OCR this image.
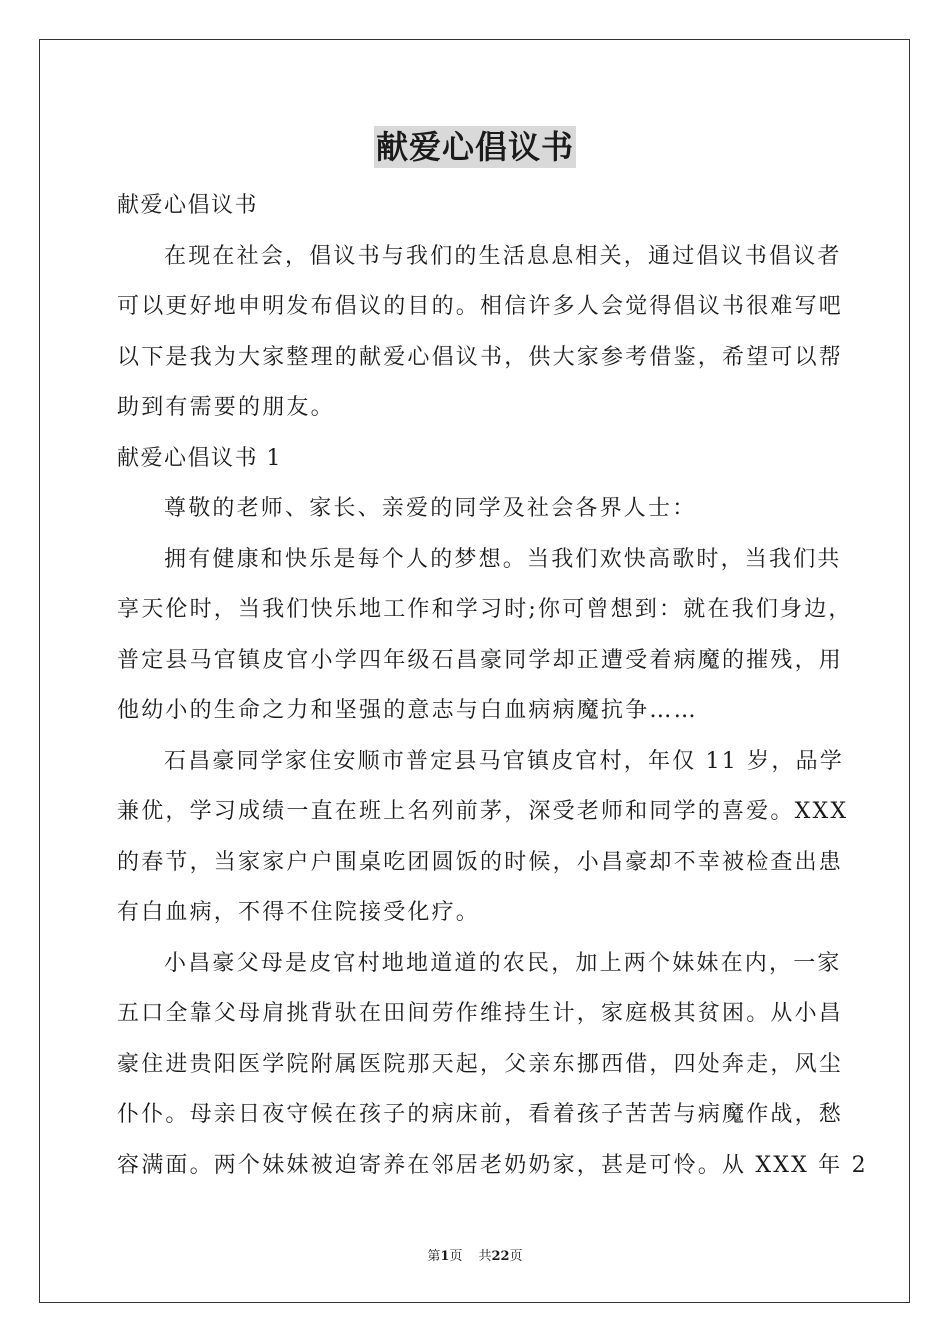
献爱心倡议书
献爱心倡议书
在现在社会，倡议书与我们的生活息息相关，通过倡议书倡议者
可以更好地申明发布倡议的目的。相信许多人会觉得倡议书很难写吧
以下是我为大家整理的献爱心倡议书，供大家参考借鉴，希望可以帮
助到有需要的朋友。
献爱心倡议书 1
尊敬的老师、家长、亲爱的同学及社会各界人士：
拥有健康和快乐是每个人的梦想。当我们欢快高歌时，当我们共
享天伦时，当我们快乐地工作和学习时;你可曾想到：就在我们身边，
普定县马官镇皮官小学四年级石昌豪同学却正遭受着病魔的摧残，用
他幼小的生命之力和坚强的意志与白血病病魔抗争……
石昌豪同学家住安顺市普定县马官镇皮官村，年仅 11 岁，品学
兼优，学习成绩一直在班上名列前茅，深受老师和同学的喜爱。XXX
的春节，当家家户户围桌吃团圆饭的时候，小昌豪却不幸被检查出患
有白血病，不得不住院接受化疗。
小昌豪父母是皮官村地地道道的农民，加上两个妹妹在内，一家
五口全靠父母肩挑背驮在田间劳作维持生计，家庭极其贫困。从小昌
豪住进贵阳医学院附属医院那天起，父亲东挪西借，四处奔走，风尘
仆仆。母亲日夜守候在孩子的病床前，看着孩子苦苦与病魔作战，愁
容满面。两个妹妹被迫寄养在邻居老奶奶家，甚是可怜。从 XXX 年 2
第1页 共22页
